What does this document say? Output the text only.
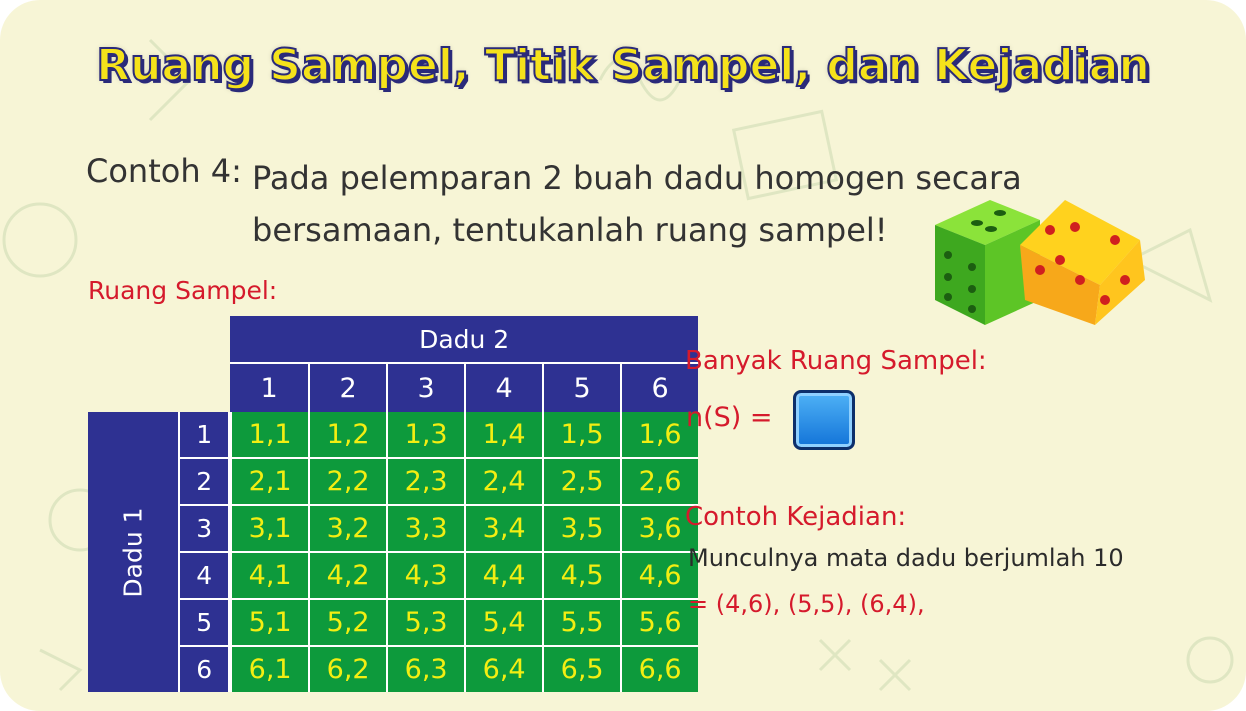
Ruang Sampel, Titik Sampel, dan Kejadian
Contoh 4: Pada pelemparan 2 buah dadu homogen secara
bersamaan, tentukanlah ruang sampel!
Ruang Sampel:
		Dadu 2					
		1	2	3	4	5	6
Dadu 1	1	1,1	1,2	1,3	1,4	1,5	1,6
	2	2,1	2,2	2,3	2,4	2,5	2,6
	3	3,1	3,2	3,3	3,4	3,5	3,6
	4	4,1	4,2	4,3	4,4	4,5	4,6
	5	5,1	5,2	5,3	5,4	5,5	5,6
	6	6,1	6,2	6,3	6,4	6,5	6,6
Banyak Ruang Sampel:
n(S) =
Contoh Kejadian:
Munculnya mata dadu berjumlah 10
= (4,6), (5,5), (6,4),
